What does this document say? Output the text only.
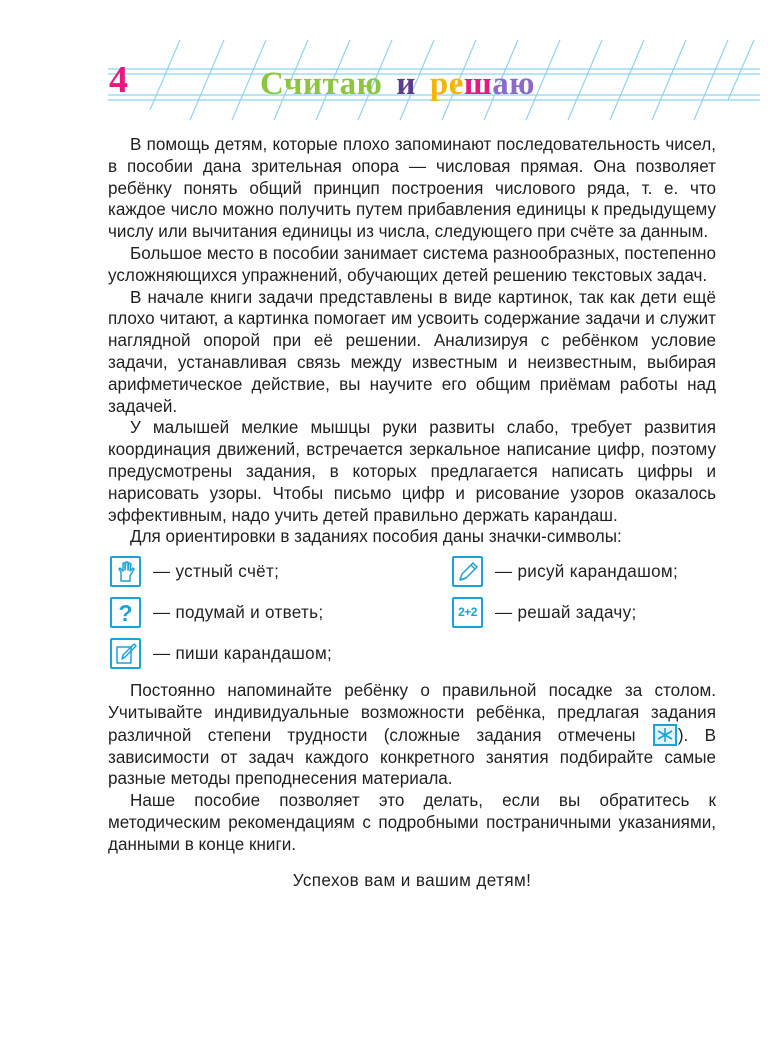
4	Считаю и решаю

В помощь детям, которые плохо запоминают последовательность чисел, в пособии дана зрительная опора — числовая прямая. Она позволяет ребёнку понять общий принцип построения числового ряда, т. е. что каждое число можно получить путем прибавления единицы к предыдущему числу или вычитания единицы из числа, следующего при счёте за данным.

Большое место в пособии занимает система разнообразных, постепенно усложняющихся упражнений, обучающих детей решению текстовых задач.

В начале книги задачи представлены в виде картинок, так как дети ещё плохо читают, а картинка помогает им усвоить содержание задачи и служит наглядной опорой при её решении. Анализируя с ребёнком условие задачи, устанавливая связь между известным и неизвестным, выбирая арифметическое действие, вы научите его общим приёмам работы над задачей.

У малышей мелкие мышцы руки развиты слабо, требует развития координация движений, встречается зеркальное написание цифр, поэтому предусмотрены задания, в которых предлагается написать цифры и нарисовать узоры. Чтобы письмо цифр и рисование узоров оказалось эффективным, надо учить детей правильно держать карандаш.

Для ориентировки в заданиях пособия даны значки-символы:

— устный счёт;	— рисуй карандашом;
? — подумай и ответь;	2+2 — решай задачу;
— пиши карандашом;

Постоянно напоминайте ребёнку о правильной посадке за столом. Учитывайте индивидуальные возможности ребёнка, предлагая задания различной степени трудности (сложные задания отмечены
). В зависимости от задач каждого конкретного занятия подбирайте самые разные методы преподнесения материала.

Наше пособие позволяет это делать, если вы обратитесь к методическим рекомендациям с подробными постраничными указаниями, данными в конце книги.

Успехов вам и вашим детям!
